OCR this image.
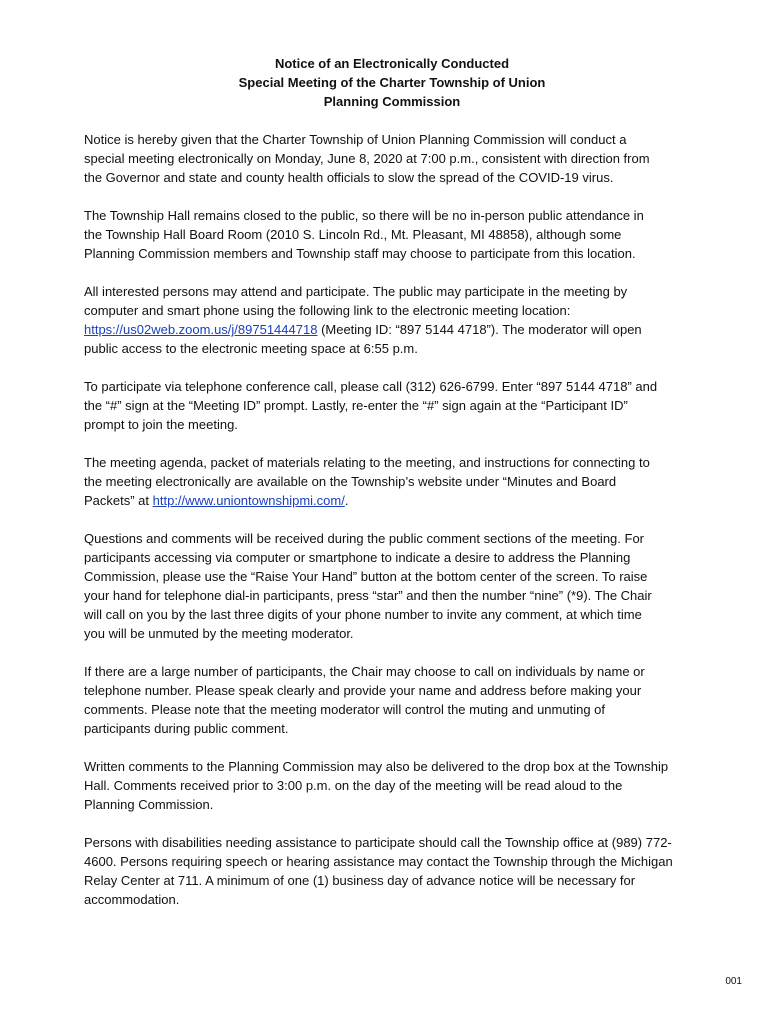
Notice of an Electronically Conducted
Special Meeting of the Charter Township of Union
Planning Commission

Notice is hereby given that the Charter Township of Union Planning Commission will conduct a
special meeting electronically on Monday, June 8, 2020 at 7:00 p.m., consistent with direction from
the Governor and state and county health officials to slow the spread of the COVID-19 virus.

The Township Hall remains closed to the public, so there will be no in-person public attendance in
the Township Hall Board Room (2010 S. Lincoln Rd., Mt. Pleasant, MI 48858), although some
Planning Commission members and Township staff may choose to participate from this location.

All interested persons may attend and participate. The public may participate in the meeting by
computer and smart phone using the following link to the electronic meeting location:
https://us02web.zoom.us/j/89751444718 (Meeting ID: “897 5144 4718”). The moderator will open
public access to the electronic meeting space at 6:55 p.m.

To participate via telephone conference call, please call (312) 626-6799. Enter “897 5144 4718” and
the “#” sign at the “Meeting ID” prompt. Lastly, re-enter the “#” sign again at the “Participant ID”
prompt to join the meeting.

The meeting agenda, packet of materials relating to the meeting, and instructions for connecting to
the meeting electronically are available on the Township’s website under “Minutes and Board
Packets” at http://www.uniontownshipmi.com/.

Questions and comments will be received during the public comment sections of the meeting. For
participants accessing via computer or smartphone to indicate a desire to address the Planning
Commission, please use the “Raise Your Hand” button at the bottom center of the screen. To raise
your hand for telephone dial-in participants, press “star” and then the number “nine” (*9). The Chair
will call on you by the last three digits of your phone number to invite any comment, at which time
you will be unmuted by the meeting moderator.

If there are a large number of participants, the Chair may choose to call on individuals by name or
telephone number. Please speak clearly and provide your name and address before making your
comments. Please note that the meeting moderator will control the muting and unmuting of
participants during public comment.

Written comments to the Planning Commission may also be delivered to the drop box at the Township
Hall. Comments received prior to 3:00 p.m. on the day of the meeting will be read aloud to the
Planning Commission.

Persons with disabilities needing assistance to participate should call the Township office at (989) 772-
4600. Persons requiring speech or hearing assistance may contact the Township through the Michigan
Relay Center at 711. A minimum of one (1) business day of advance notice will be necessary for
accommodation.

001
